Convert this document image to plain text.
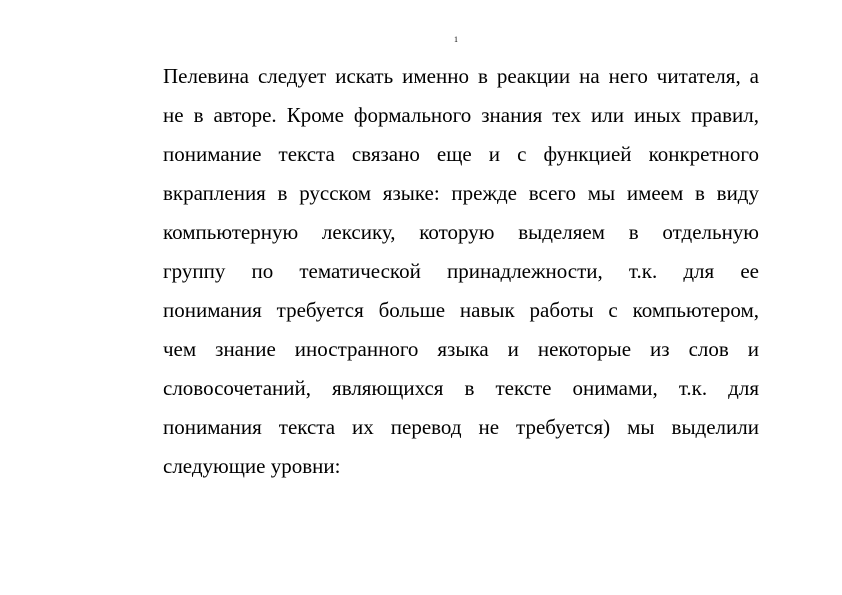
1
Пелевина следует искать именно в реакции на него читателя, а
не в авторе. Кроме формального знания тех или иных правил,
понимание текста связано еще и с функцией конкретного
вкрапления в русском языке: прежде всего мы имеем в виду
компьютерную лексику, которую выделяем в отдельную
группу по тематической принадлежности, т.к. для ее
понимания требуется больше навык работы с компьютером,
чем знание иностранного языка и некоторые из слов и
словосочетаний, являющихся в тексте онимами, т.к. для
понимания текста их перевод не требуется) мы выделили
следующие уровни:
